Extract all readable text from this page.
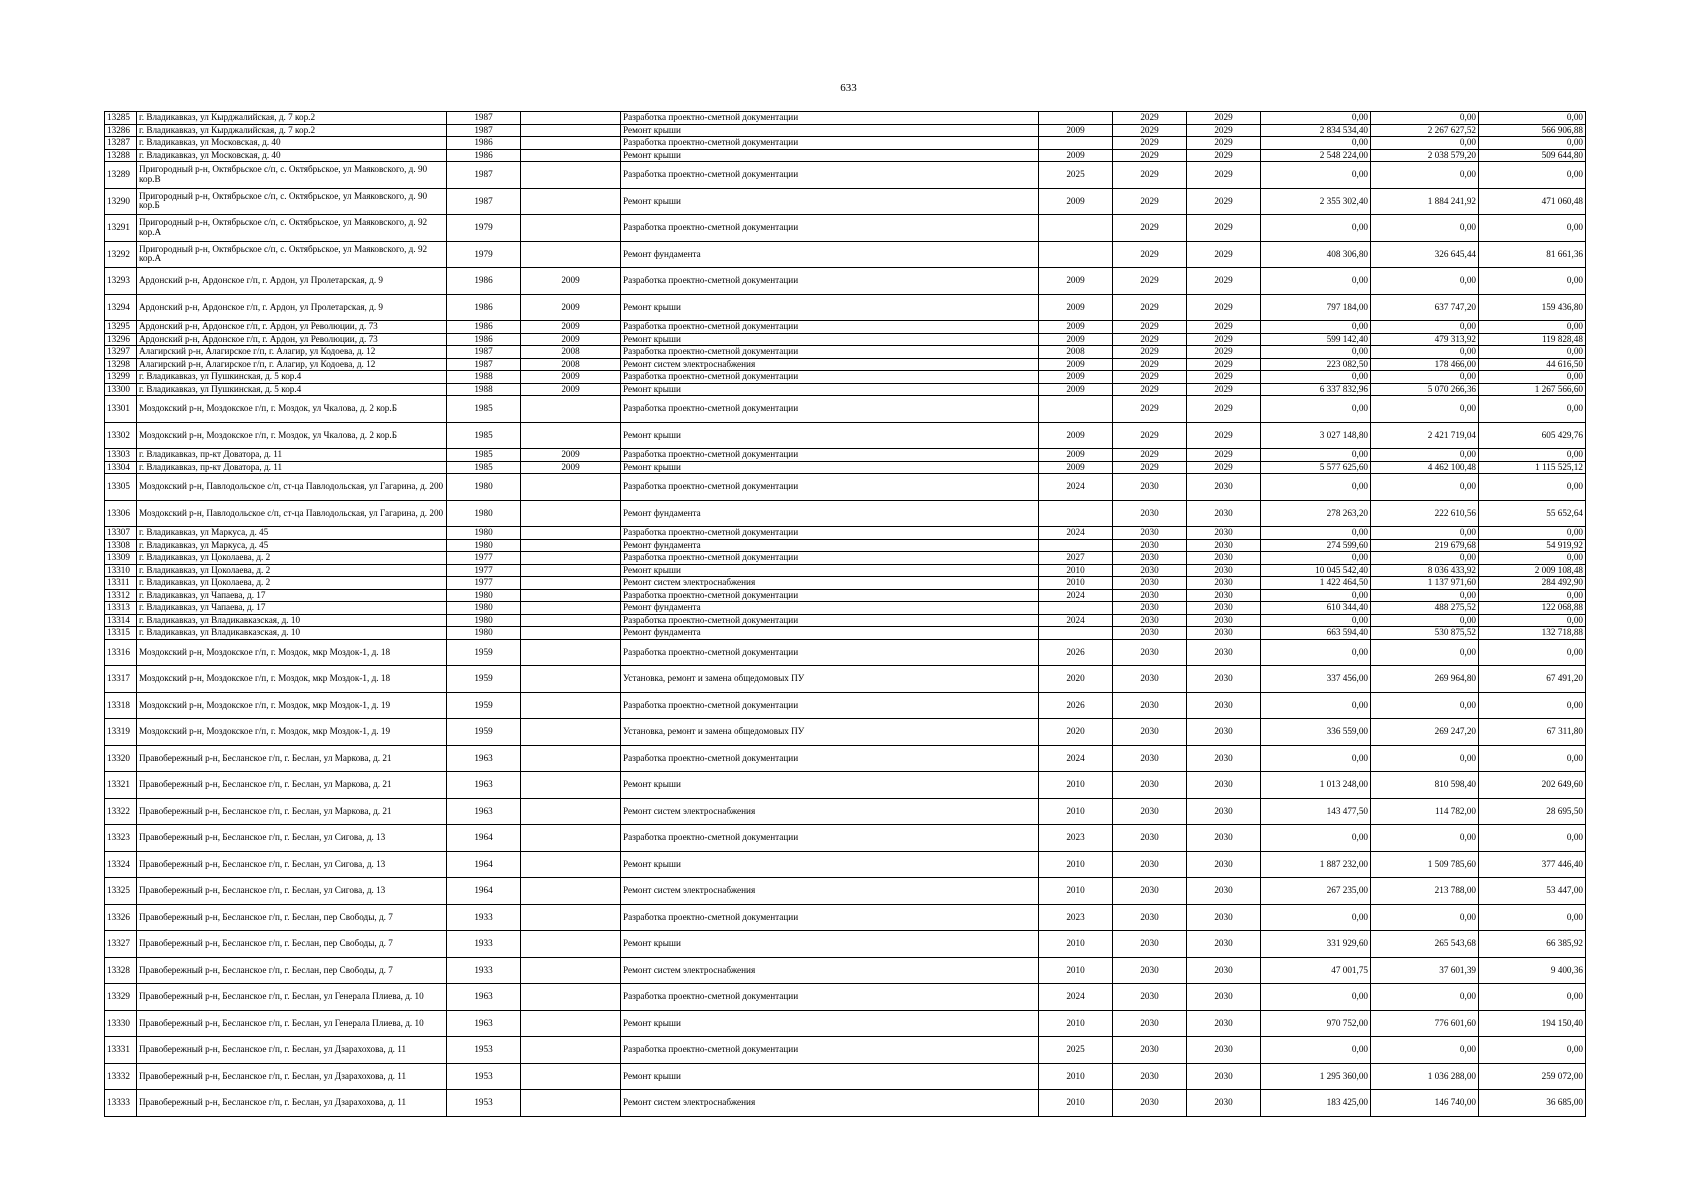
633
13285	г. Владикавказ, ул Кырджалийская, д. 7 кор.2	1987		Разработка проектно-сметной документации		2029	2029	0,00	0,00	0,00
13286	г. Владикавказ, ул Кырджалийская, д. 7 кор.2	1987		Ремонт крыши	2009	2029	2029	2 834 534,40	2 267 627,52	566 906,88
13287	г. Владикавказ, ул Московская, д. 40	1986		Разработка проектно-сметной документации		2029	2029	0,00	0,00	0,00
13288	г. Владикавказ, ул Московская, д. 40	1986		Ремонт крыши	2009	2029	2029	2 548 224,00	2 038 579,20	509 644,80
13289	Пригородный р-н, Октябрьское с/п, с. Октябрьское, ул Маяковского, д. 90 кор.В	1987		Разработка проектно-сметной документации	2025	2029	2029	0,00	0,00	0,00
13290	Пригородный р-н, Октябрьское с/п, с. Октябрьское, ул Маяковского, д. 90 кор.Б	1987		Ремонт крыши	2009	2029	2029	2 355 302,40	1 884 241,92	471 060,48
13291	Пригородный р-н, Октябрьское с/п, с. Октябрьское, ул Маяковского, д. 92 кор.А	1979		Разработка проектно-сметной документации		2029	2029	0,00	0,00	0,00
13292	Пригородный р-н, Октябрьское с/п, с. Октябрьское, ул Маяковского, д. 92 кор.А	1979		Ремонт фундамента		2029	2029	408 306,80	326 645,44	81 661,36
13293	Ардонский р-н, Ардонское г/п, г. Ардон, ул Пролетарская, д. 9	1986	2009	Разработка проектно-сметной документации	2009	2029	2029	0,00	0,00	0,00
13294	Ардонский р-н, Ардонское г/п, г. Ардон, ул Пролетарская, д. 9	1986	2009	Ремонт крыши	2009	2029	2029	797 184,00	637 747,20	159 436,80
13295	Ардонский р-н, Ардонское г/п, г. Ардон, ул Революции, д. 73	1986	2009	Разработка проектно-сметной документации	2009	2029	2029	0,00	0,00	0,00
13296	Ардонский р-н, Ардонское г/п, г. Ардон, ул Революции, д. 73	1986	2009	Ремонт крыши	2009	2029	2029	599 142,40	479 313,92	119 828,48
13297	Алагирский р-н, Алагирское г/п, г. Алагир, ул Кодоева, д. 12	1987	2008	Разработка проектно-сметной документации	2008	2029	2029	0,00	0,00	0,00
13298	Алагирский р-н, Алагирское г/п, г. Алагир, ул Кодоева, д. 12	1987	2008	Ремонт систем электроснабжения	2009	2029	2029	223 082,50	178 466,00	44 616,50
13299	г. Владикавказ, ул Пушкинская, д. 5 кор.4	1988	2009	Разработка проектно-сметной документации	2009	2029	2029	0,00	0,00	0,00
13300	г. Владикавказ, ул Пушкинская, д. 5 кор.4	1988	2009	Ремонт крыши	2009	2029	2029	6 337 832,96	5 070 266,36	1 267 566,60
13301	Моздокский р-н, Моздокское г/п, г. Моздок, ул Чкалова, д. 2 кор.Б	1985		Разработка проектно-сметной документации		2029	2029	0,00	0,00	0,00
13302	Моздокский р-н, Моздокское г/п, г. Моздок, ул Чкалова, д. 2 кор.Б	1985		Ремонт крыши	2009	2029	2029	3 027 148,80	2 421 719,04	605 429,76
13303	г. Владикавказ, пр-кт Доватора, д. 11	1985	2009	Разработка проектно-сметной документации	2009	2029	2029	0,00	0,00	0,00
13304	г. Владикавказ, пр-кт Доватора, д. 11	1985	2009	Ремонт крыши	2009	2029	2029	5 577 625,60	4 462 100,48	1 115 525,12
13305	Моздокский р-н, Павлодольское с/п, ст-ца Павлодольская, ул Гагарина, д. 200	1980		Разработка проектно-сметной документации	2024	2030	2030	0,00	0,00	0,00
13306	Моздокский р-н, Павлодольское с/п, ст-ца Павлодольская, ул Гагарина, д. 200	1980		Ремонт фундамента		2030	2030	278 263,20	222 610,56	55 652,64
13307	г. Владикавказ, ул Маркуса, д. 45	1980		Разработка проектно-сметной документации	2024	2030	2030	0,00	0,00	0,00
13308	г. Владикавказ, ул Маркуса, д. 45	1980		Ремонт фундамента		2030	2030	274 599,60	219 679,68	54 919,92
13309	г. Владикавказ, ул Цоколаева, д. 2	1977		Разработка проектно-сметной документации	2027	2030	2030	0,00	0,00	0,00
13310	г. Владикавказ, ул Цоколаева, д. 2	1977		Ремонт крыши	2010	2030	2030	10 045 542,40	8 036 433,92	2 009 108,48
13311	г. Владикавказ, ул Цоколаева, д. 2	1977		Ремонт систем электроснабжения	2010	2030	2030	1 422 464,50	1 137 971,60	284 492,90
13312	г. Владикавказ, ул Чапаева, д. 17	1980		Разработка проектно-сметной документации	2024	2030	2030	0,00	0,00	0,00
13313	г. Владикавказ, ул Чапаева, д. 17	1980		Ремонт фундамента		2030	2030	610 344,40	488 275,52	122 068,88
13314	г. Владикавказ, ул Владикавказская, д. 10	1980		Разработка проектно-сметной документации	2024	2030	2030	0,00	0,00	0,00
13315	г. Владикавказ, ул Владикавказская, д. 10	1980		Ремонт фундамента		2030	2030	663 594,40	530 875,52	132 718,88
13316	Моздокский р-н, Моздокское г/п, г. Моздок, мкр Моздок-1, д. 18	1959		Разработка проектно-сметной документации	2026	2030	2030	0,00	0,00	0,00
13317	Моздокский р-н, Моздокское г/п, г. Моздок, мкр Моздок-1, д. 18	1959		Установка, ремонт и замена общедомовых ПУ	2020	2030	2030	337 456,00	269 964,80	67 491,20
13318	Моздокский р-н, Моздокское г/п, г. Моздок, мкр Моздок-1, д. 19	1959		Разработка проектно-сметной документации	2026	2030	2030	0,00	0,00	0,00
13319	Моздокский р-н, Моздокское г/п, г. Моздок, мкр Моздок-1, д. 19	1959		Установка, ремонт и замена общедомовых ПУ	2020	2030	2030	336 559,00	269 247,20	67 311,80
13320	Правобережный р-н, Бесланское г/п, г. Беслан, ул Маркова, д. 21	1963		Разработка проектно-сметной документации	2024	2030	2030	0,00	0,00	0,00
13321	Правобережный р-н, Бесланское г/п, г. Беслан, ул Маркова, д. 21	1963		Ремонт крыши	2010	2030	2030	1 013 248,00	810 598,40	202 649,60
13322	Правобережный р-н, Бесланское г/п, г. Беслан, ул Маркова, д. 21	1963		Ремонт систем электроснабжения	2010	2030	2030	143 477,50	114 782,00	28 695,50
13323	Правобережный р-н, Бесланское г/п, г. Беслан, ул Сигова, д. 13	1964		Разработка проектно-сметной документации	2023	2030	2030	0,00	0,00	0,00
13324	Правобережный р-н, Бесланское г/п, г. Беслан, ул Сигова, д. 13	1964		Ремонт крыши	2010	2030	2030	1 887 232,00	1 509 785,60	377 446,40
13325	Правобережный р-н, Бесланское г/п, г. Беслан, ул Сигова, д. 13	1964		Ремонт систем электроснабжения	2010	2030	2030	267 235,00	213 788,00	53 447,00
13326	Правобережный р-н, Бесланское г/п, г. Беслан, пер Свободы, д. 7	1933		Разработка проектно-сметной документации	2023	2030	2030	0,00	0,00	0,00
13327	Правобережный р-н, Бесланское г/п, г. Беслан, пер Свободы, д. 7	1933		Ремонт крыши	2010	2030	2030	331 929,60	265 543,68	66 385,92
13328	Правобережный р-н, Бесланское г/п, г. Беслан, пер Свободы, д. 7	1933		Ремонт систем электроснабжения	2010	2030	2030	47 001,75	37 601,39	9 400,36
13329	Правобережный р-н, Бесланское г/п, г. Беслан, ул Генерала Плиева, д. 10	1963		Разработка проектно-сметной документации	2024	2030	2030	0,00	0,00	0,00
13330	Правобережный р-н, Бесланское г/п, г. Беслан, ул Генерала Плиева, д. 10	1963		Ремонт крыши	2010	2030	2030	970 752,00	776 601,60	194 150,40
13331	Правобережный р-н, Бесланское г/п, г. Беслан, ул Дзарахохова, д. 11	1953		Разработка проектно-сметной документации	2025	2030	2030	0,00	0,00	0,00
13332	Правобережный р-н, Бесланское г/п, г. Беслан, ул Дзарахохова, д. 11	1953		Ремонт крыши	2010	2030	2030	1 295 360,00	1 036 288,00	259 072,00
13333	Правобережный р-н, Бесланское г/п, г. Беслан, ул Дзарахохова, д. 11	1953		Ремонт систем электроснабжения	2010	2030	2030	183 425,00	146 740,00	36 685,00
